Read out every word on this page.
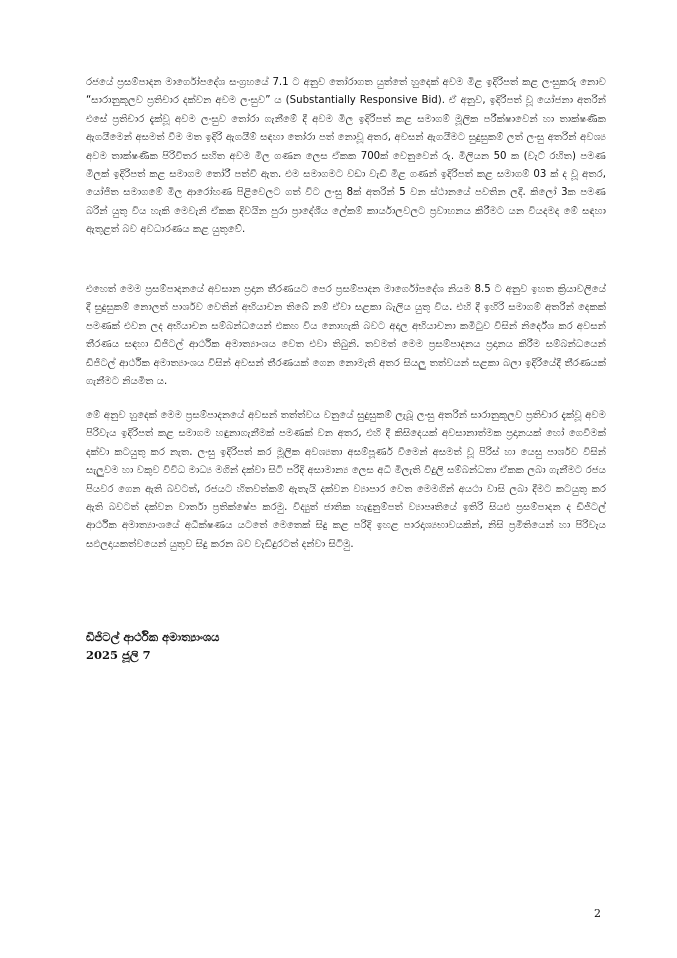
රජයේ ප්‍රසම්පාදන මාර්ගෝපදේශ සංග්‍රහයේ 7.1 ට අනුව තෝරාගත යුත්තේ හුදෙක් අවම මිළ ඉදිරිපත් කළ ලංසුකරු නොව “සාරානුකූලව ප්‍රතිචාර දක්වන අවම ලංසුව” ය (Substantially Responsive Bid). ඒ අනුව, ඉදිරිපත් වූ යෝජනා අතරින් එසේ ප්‍රතිචාර දැක්වූ අවම ලංසුව තෝරා ගැනීමේ දී අවම මිල ඉදිරිපත් කළ සමාගම් මූලික පරීක්ෂාවෙන් හා තාක්ෂණික ඇගයීමෙන් අසමත් වීම මත ඉදිරි ඇගයීම් සඳහා තෝරා පත් නොවූ අතර, අවසන් ඇගයීමට සුදුසුකම් ලත් ලංසු අතරින් අවශ්‍ය අවම තාක්ෂණික පිරිවිතර සහිත අවම මිල ගණන ලෙස ඒකක 700ක් වෙනුවෙන් රු. මිලියන 50 ක (වැට් රහිත) පමණ මිලක් ඉදිරිපත් කළ සමාගම තෝරී පත්වී ඇත. එම සමාගමට වඩා වැඩි මිළ ගණන් ඉදිරිපත් කළ සමාගම් 03 ක් ද වූ අතර, යෝජිත සමාගමේ මිල ආරෝහණ පිළිවෙලට ගත් විට ලංසු 8ක් අතරින් 5 වන ස්ථානයේ පවතින ලදී. කිලෝ 3ක පමණ බරින් යුතු විය හැකි මෙවැනි ඒකක දිවයින පුරා ප්‍රාදේශීය ලේකම් කාර්යාලවලට ප්‍රවාහනය කිරීමට යන වියදමද මේ සඳහා ඇතුළත් බව අවධාරණය කළ යුතුවේ.

එහෙත් මෙම ප්‍රසම්පාදනයේ අවසාන ප්‍රදාන තීරණයට පෙර ප්‍රසම්පාදන මාර්ගෝපදේශ නියම 8.5 ට අනුව ඉහත ක්‍රියාවලියේ දී සුදුසුකම් නොලත් පාර්ශව වෙතින් අභියාචන තිබේ නම් ඒවා සළකා බැලිය යුතු විය. එහි දී ඉහිරි සමාගම් අතරින් දෙකක් පමණක් එවන ලද අභියාචන සම්බන්ධයෙන් එකහ විය නොහැකි බවට අදාල අභියාචනා කමිටුව විසින් නිර්දේශ කර අවසන් තීරණය සඳහා ඩිජිටල් ආර්ථික අමාත්‍යාංශය වෙත එවා තිබුනි. තවමත් මෙම ප්‍රසම්පාදනය ප්‍රදානය කිරීම සම්බන්ධයෙන් ඩිජිටල් ආර්ථික අමාත්‍යාංශය විසින් අවසන් තීරණයක් ගෙන නොමැති අතර සියලු තත්වයන් සළකා බලා ඉදිරියේදී තීරණයක් ගැනීමට නියමිත ය.

මේ අනුව හුදෙක් මෙම ප්‍රසම්පාදනයේ අවසන් තත්ත්වය වනුයේ සුදුසුකම් ලැබූ ලංසු අතරින් සාරානුකූලව ප්‍රතිචාර දැක්වූ අවම පිරිවැය ඉදිරිපත් කළ සමාගම හඳුනාගැනීමක් පමණක් වන අතර, එහි දී කිසිදෙයක් අවසානාත්මක ප්‍රදානයක් හෝ ගෙවීමක් දක්වා කටයුතු කර නැත. ලංසු ඉදිරිපත් කර මූලික අවශ්‍යතා අසම්පූර්ණ වීමෙන් අසමත් වූ පිරිස් හා යෙසු පාර්ශව විසින් සැලුවම හා වකුව විවිධ මාධ්‍ය මගින් දක්වා සිටි පරිදි අසාමාන්‍ය ලෙස අධි මිලැති විදුලි සම්බන්ධතා ඒකක ලබා ගැනීමට රජය පියවර ගෙන ඇති බවටත්, රජයට හිතවත්කම් ඇතැයි දක්වන ව්‍යාපාර වෙත මෙමගින් අයථා වාසි ලබා දීමට කටයුතු කර ඇති බවටත් දක්වන වාර්තා ප්‍රතික්ෂේප කරමු. විද්‍යුත් ජාතික හැඳුනුම්පත් ව්‍යාපෘතියේ ඉතිරි සියළු ප්‍රසම්පාදන ද ඩිජිටල් ආර්ථික අමාත්‍යාංශයේ අධීක්ෂණය යටතේ මෙතෙක් සිදු කළ පරිදි ඉහළ පාරදෘශ්‍යභාවයකින්, නිසි ප්‍රමිතියෙන් හා පිරිවැය සඵලදායකත්වයෙන් යුතුව සිදු කරන බව වැඩිදුරටත් දන්වා සිටිමු.

ඩිජිටල් ආර්ථික අමාත්‍යාංශය

2025 ජූලි 7

2
